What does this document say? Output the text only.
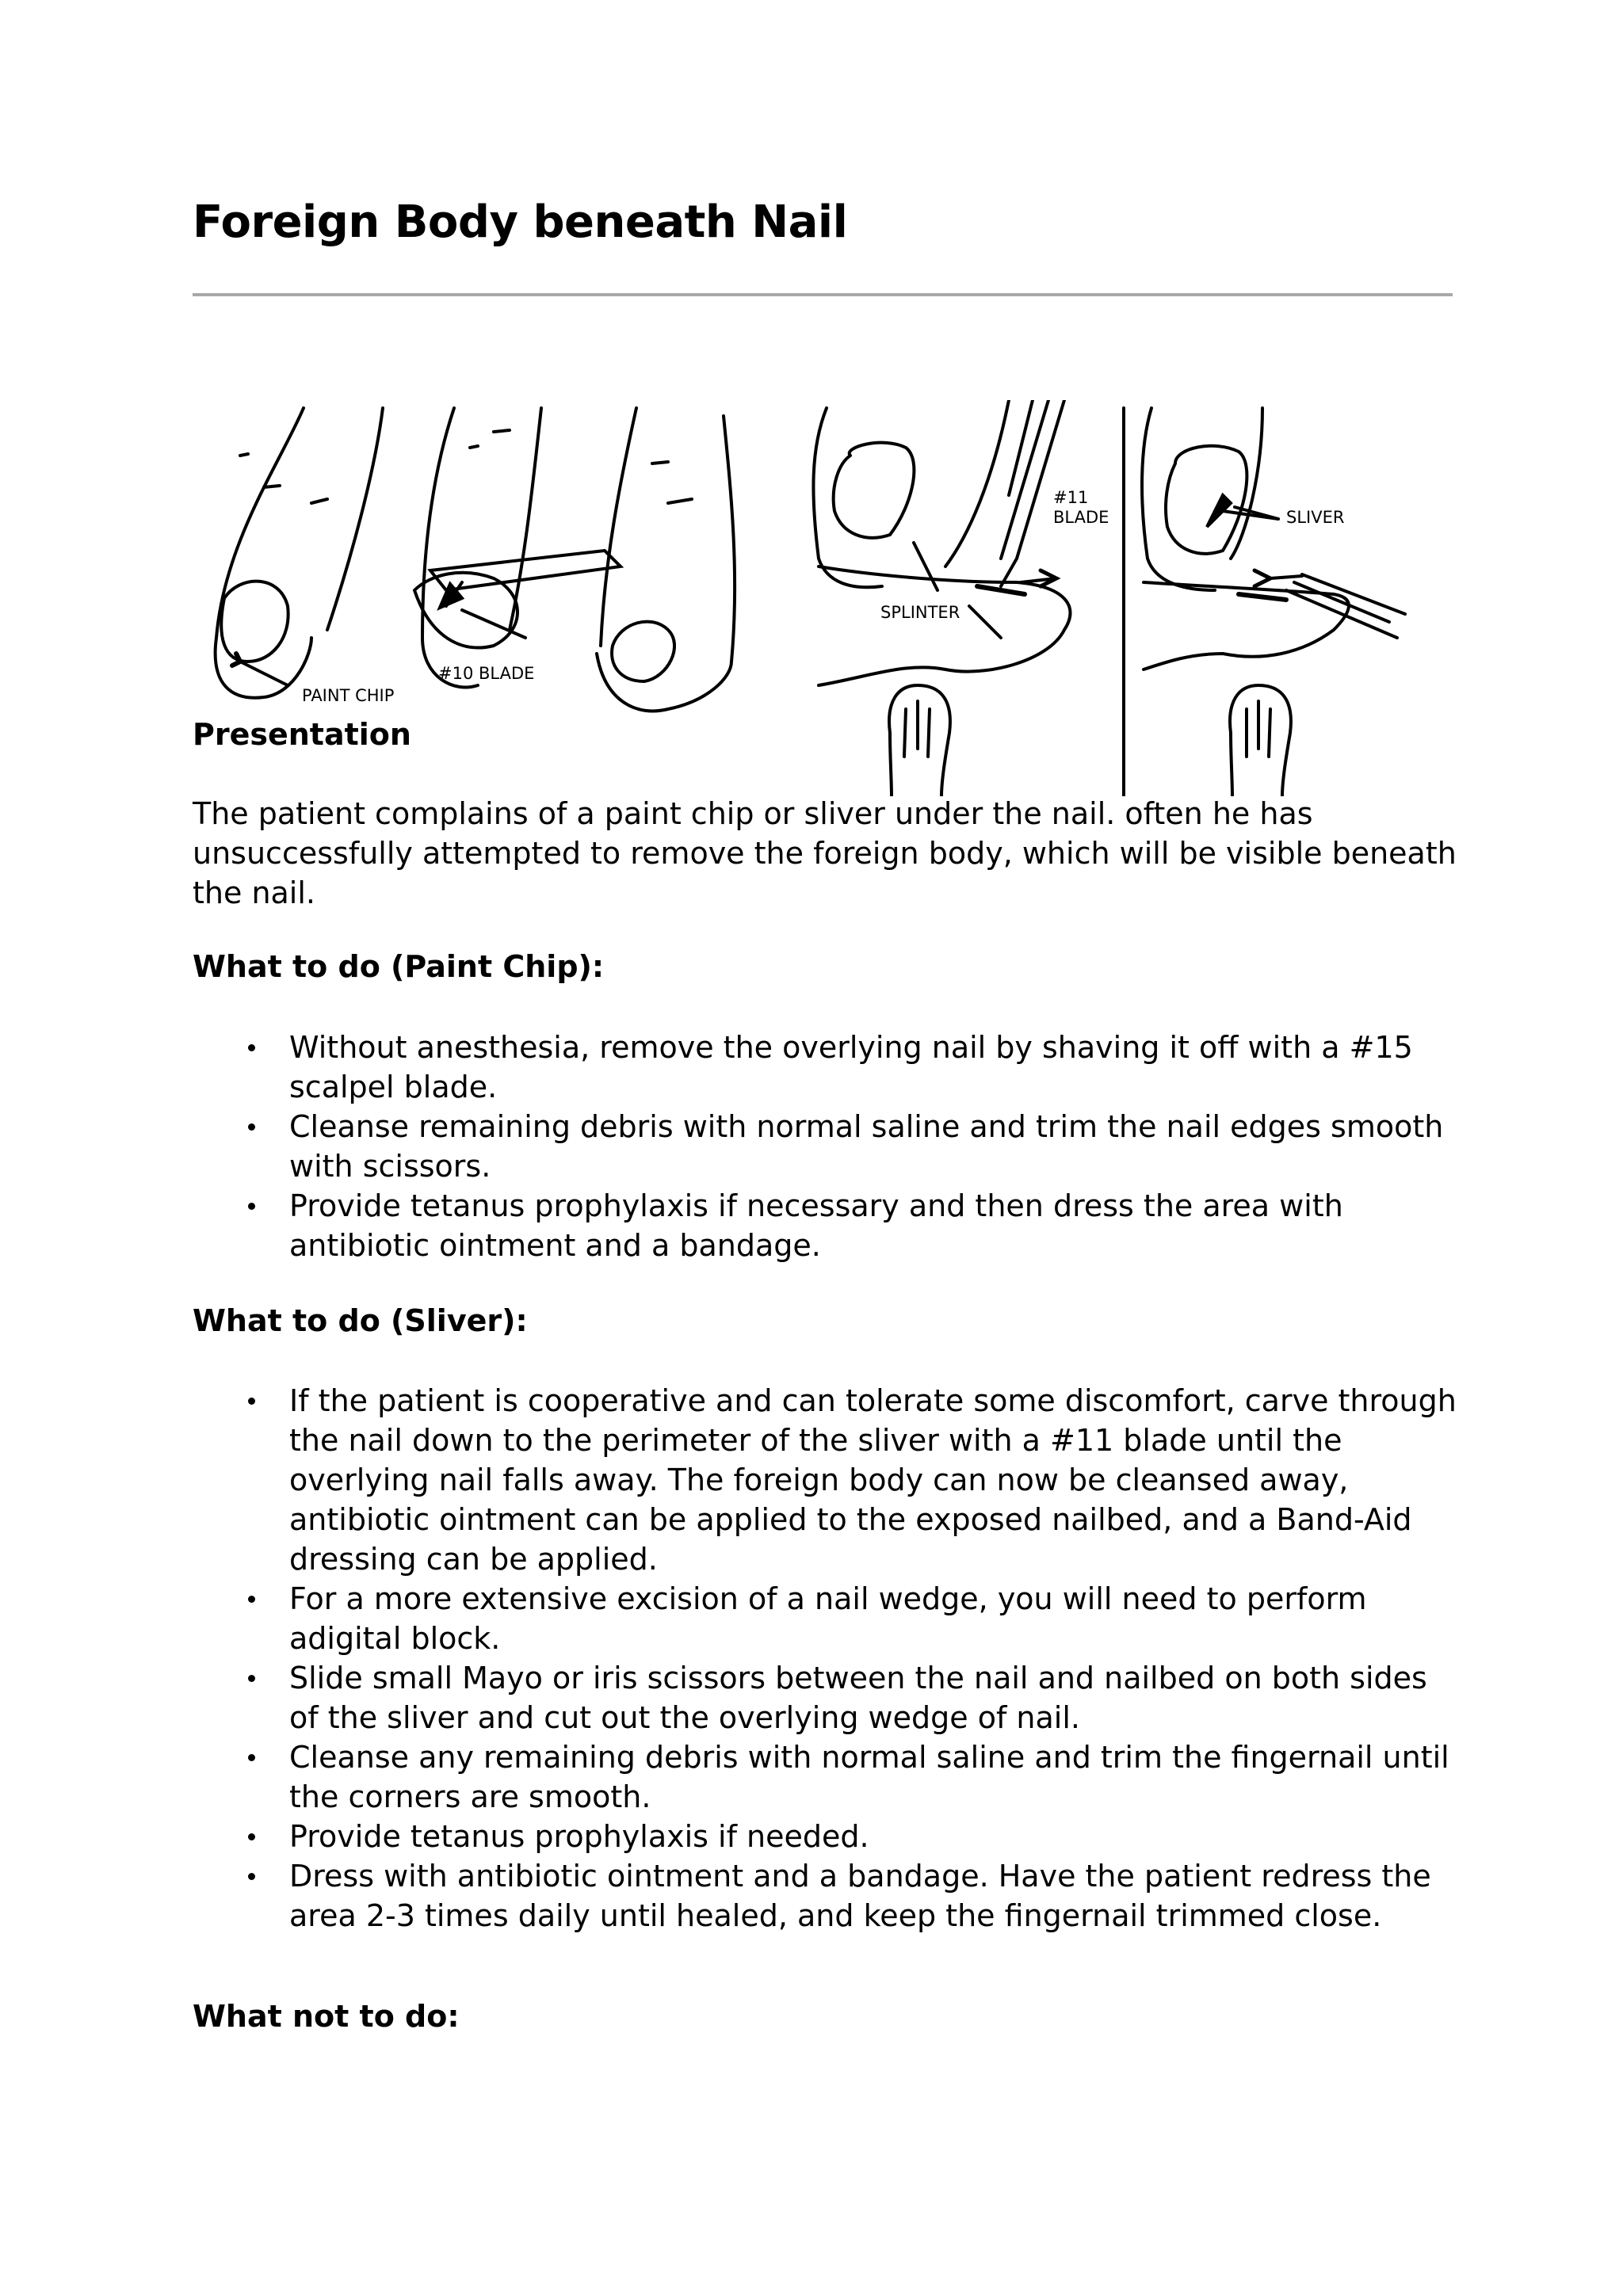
Foreign Body beneath Nail
PAINT CHIP
#10 BLADE
#11
BLADE
SPLINTER
SLIVER
Presentation

The patient complains of a paint chip or sliver under the nail. often he has unsuccessfully attempted to remove the foreign body, which will be visible beneath the nail.

What to do (Paint Chip):
Without anesthesia, remove the overlying nail by shaving it off with a #15 scalpel blade.
Cleanse remaining debris with normal saline and trim the nail edges smooth with scissors.
Provide tetanus prophylaxis if necessary and then dress the area with antibiotic ointment and a bandage.
What to do (Sliver):
If the patient is cooperative and can tolerate some discomfort, carve through the nail down to the perimeter of the sliver with a #11 blade until the overlying nail falls away. The foreign body can now be cleansed away, antibiotic ointment can be applied to the exposed nailbed, and a Band-Aid dressing can be applied.
For a more extensive excision of a nail wedge, you will need to perform adigital block.
Slide small Mayo or iris scissors between the nail and nailbed on both sides of the sliver and cut out the overlying wedge of nail.
Cleanse any remaining debris with normal saline and trim the fingernail until the corners are smooth.
Provide tetanus prophylaxis if needed.
Dress with antibiotic ointment and a bandage. Have the patient redress the area 2-3 times daily until healed, and keep the fingernail trimmed close.
What not to do:
